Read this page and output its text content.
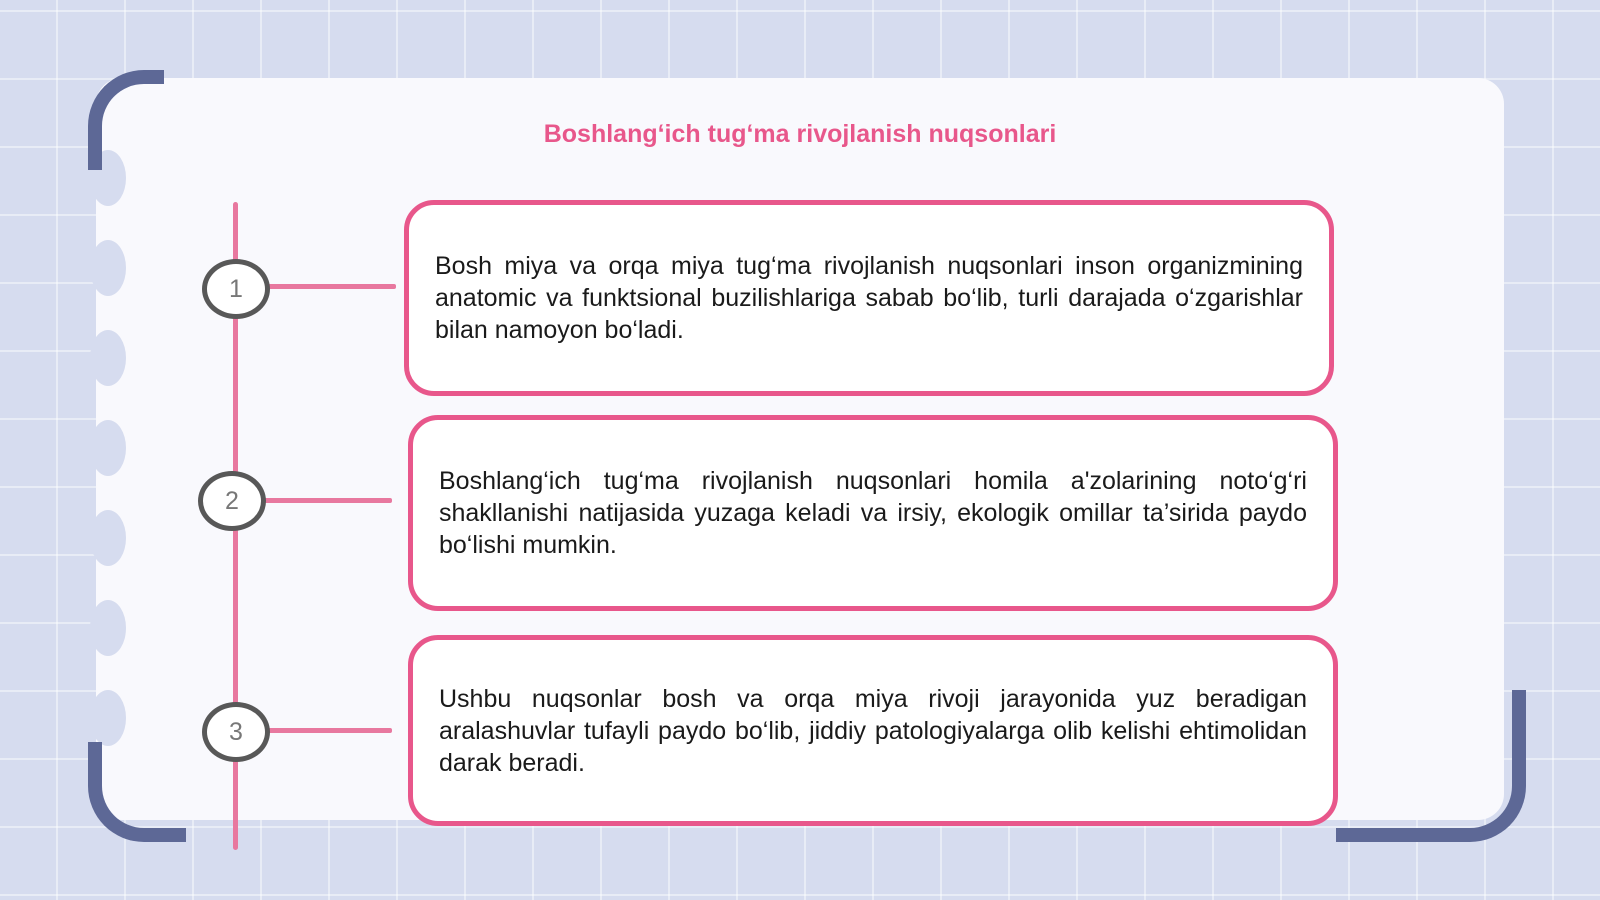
Boshlang‘ich tug‘ma rivojlanish nuqsonlari
1
Bosh miya va orqa miya tug‘ma rivojlanish nuqsonlari inson organizmining anatomic va funktsional buzilishlariga sabab bo‘lib, turli darajada o‘zgarishlar bilan namoyon bo‘ladi.
2
Boshlang‘ich tug‘ma rivojlanish nuqsonlari homila a'zolarining noto‘g‘ri shakllanishi natijasida yuzaga keladi va irsiy, ekologik omillar ta’sirida paydo bo‘lishi mumkin.
3
Ushbu nuqsonlar bosh va orqa miya rivoji jarayonida yuz beradigan aralashuvlar tufayli paydo bo‘lib, jiddiy patologiyalarga olib kelishi ehtimolidan darak beradi.
